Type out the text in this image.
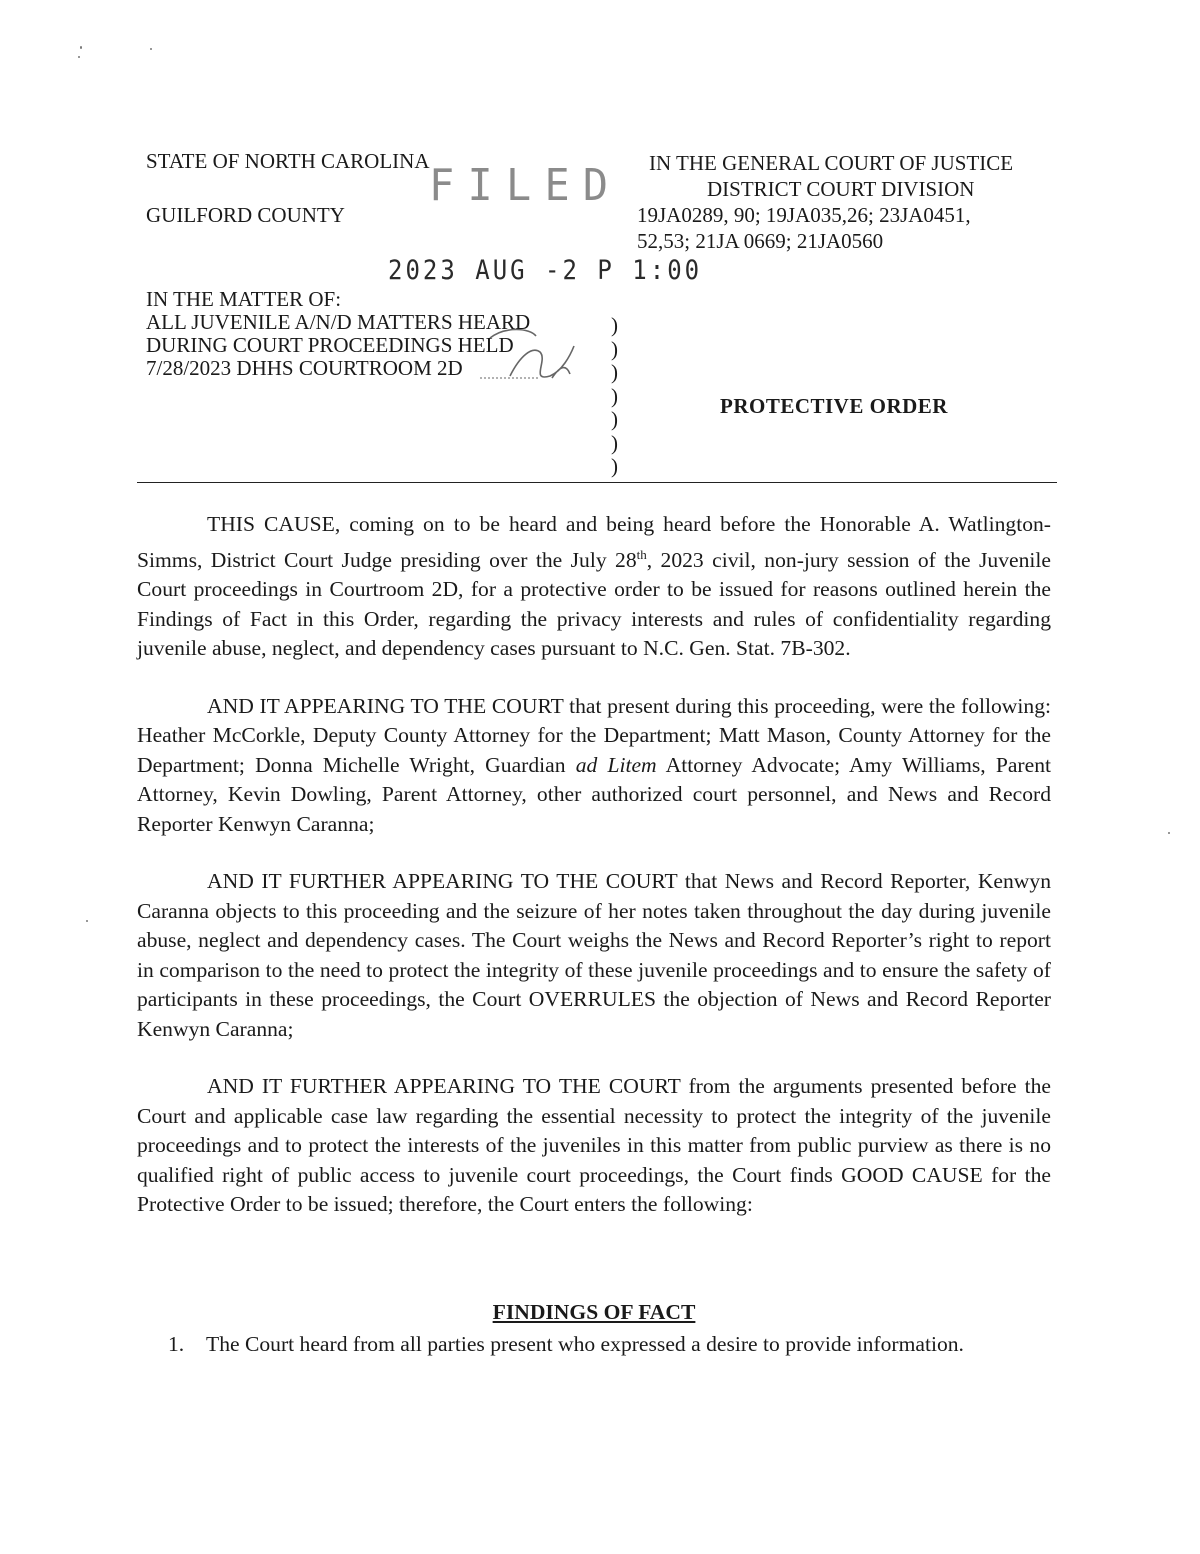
STATE OF NORTH CAROLINA
GUILFORD COUNTY
FILED
2023 AUG -2 P 1:00
IN THE GENERAL COURT OF JUSTICE
DISTRICT COURT DIVISION
19JA0289, 90; 19JA035,26; 23JA0451,
52,53; 21JA 0669; 21JA0560
IN THE MATTER OF:
ALL JUVENILE A/N/D MATTERS HEARD
DURING COURT PROCEEDINGS HELD
7/28/2023 DHHS COURTROOM 2D
)
)
)
)
)
)
)
PROTECTIVE ORDER

THIS CAUSE, coming on to be heard and being heard before the Honorable A. Watlington-Simms, District Court Judge presiding over the July 28th, 2023 civil, non-jury session of the Juvenile Court proceedings in Courtroom 2D, for a protective order to be issued for reasons outlined herein the Findings of Fact in this Order, regarding the privacy interests and rules of confidentiality regarding juvenile abuse, neglect, and dependency cases pursuant to N.C. Gen. Stat. 7B-302.

AND IT APPEARING TO THE COURT that present during this proceeding, were the following: Heather McCorkle, Deputy County Attorney for the Department; Matt Mason, County Attorney for the Department; Donna Michelle Wright, Guardian ad Litem Attorney Advocate; Amy Williams, Parent Attorney, Kevin Dowling, Parent Attorney, other authorized court personnel, and News and Record Reporter Kenwyn Caranna;

AND IT FURTHER APPEARING TO THE COURT that News and Record Reporter, Kenwyn Caranna objects to this proceeding and the seizure of her notes taken throughout the day during juvenile abuse, neglect and dependency cases. The Court weighs the News and Record Reporter’s right to report in comparison to the need to protect the integrity of these juvenile proceedings and to ensure the safety of participants in these proceedings, the Court OVERRULES the objection of News and Record Reporter Kenwyn Caranna;

AND IT FURTHER APPEARING TO THE COURT from the arguments presented before the Court and applicable case law regarding the essential necessity to protect the integrity of the juvenile proceedings and to protect the interests of the juveniles in this matter from public purview as there is no qualified right of public access to juvenile court proceedings, the Court finds GOOD CAUSE for the Protective Order to be issued; therefore, the Court enters the following:

FINDINGS OF FACT
1. The Court heard from all parties present who expressed a desire to provide information.
